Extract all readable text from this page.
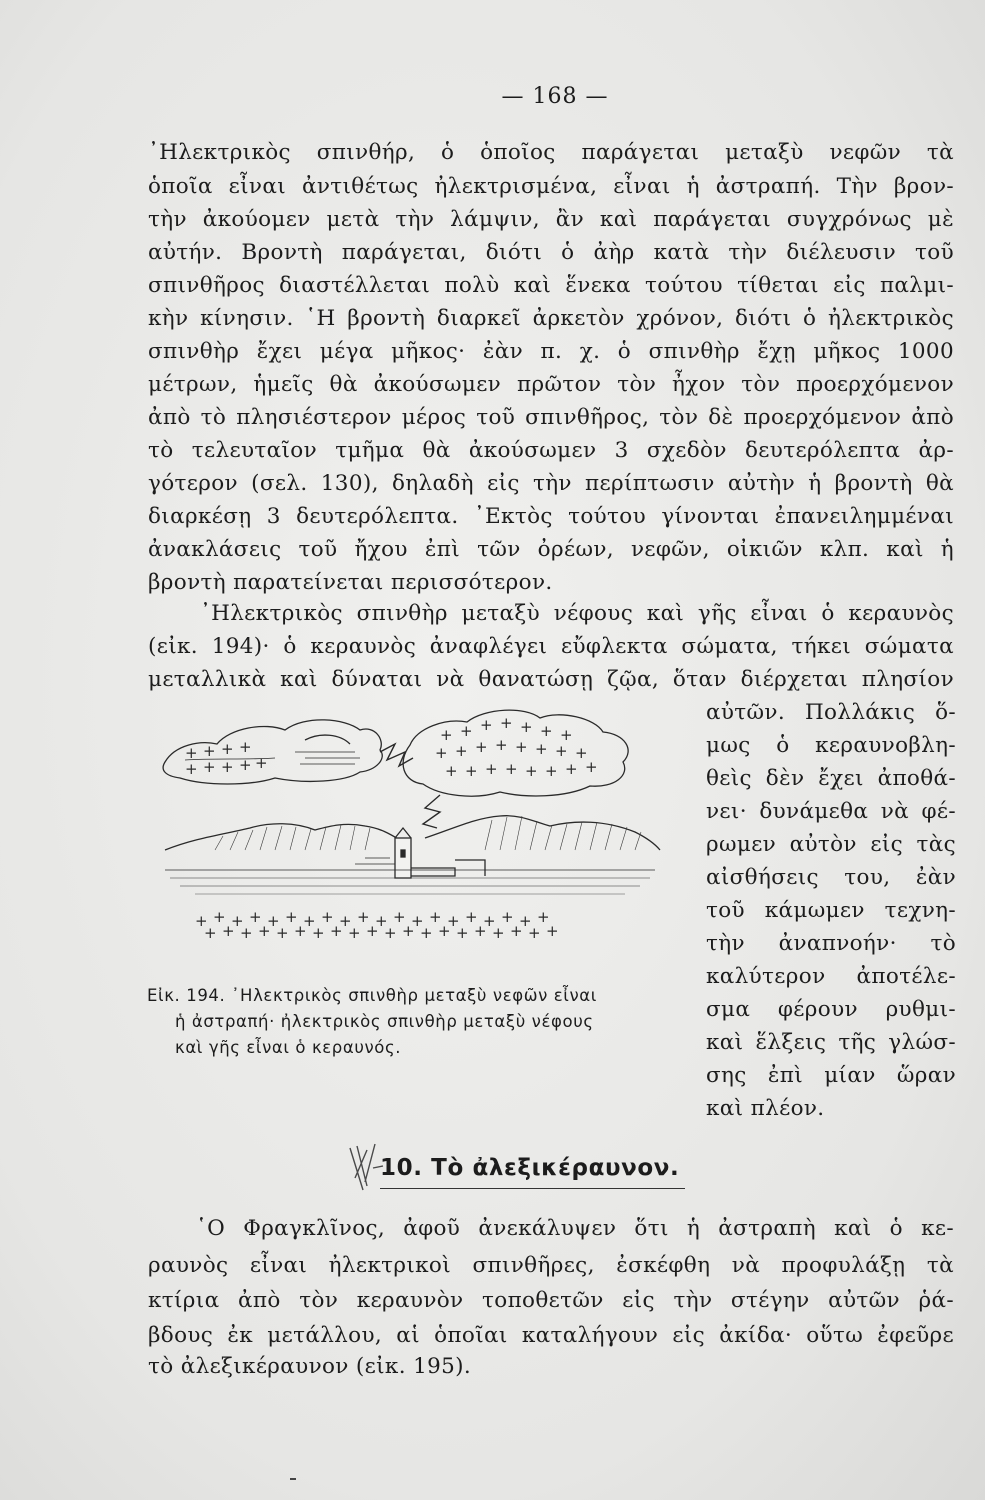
— 168 —
᾿Ηλεκτρικὸς σπινθήρ, ὁ ὁποῖος παράγεται μεταξὺ νεφῶν τὰ
ὁποῖα εἶναι ἀντιθέτως ἠλεκτρισμένα, εἶναι ἡ ἀστραπή. Τὴν βρον-
τὴν ἀκούομεν μετὰ τὴν λάμψιν, ἂν καὶ παράγεται συγχρόνως μὲ
αὐτήν. Βροντὴ παράγεται, διότι ὁ ἀὴρ κατὰ τὴν διέλευσιν τοῦ
σπινθῆρος διαστέλλεται πολὺ καὶ ἕνεκα τούτου τίθεται εἰς παλμι-
κὴν κίνησιν. ῾Η βροντὴ διαρκεῖ ἀρκετὸν χρόνον, διότι ὁ ἠλεκτρικὸς
σπινθὴρ ἔχει μέγα μῆκος· ἐὰν π. χ. ὁ σπινθὴρ ἔχῃ μῆκος 1000
μέτρων, ἡμεῖς θὰ ἀκούσωμεν πρῶτον τὸν ἦχον τὸν προερχόμενον
ἀπὸ τὸ πλησιέστερον μέρος τοῦ σπινθῆρος, τὸν δὲ προερχόμενον ἀπὸ
τὸ τελευταῖον τμῆμα θὰ ἀκούσωμεν 3 σχεδὸν δευτερόλεπτα ἀρ-
γότερον (σελ. 130), δηλαδὴ εἰς τὴν περίπτωσιν αὐτὴν ἡ βροντὴ θὰ
διαρκέσῃ 3 δευτερόλεπτα. ᾿Εκτὸς τούτου γίνονται ἐπανειλημμέναι
ἀνακλάσεις τοῦ ἤχου ἐπὶ τῶν ὀρέων, νεφῶν, οἰκιῶν κλπ. καὶ ἡ
βροντὴ παρατείνεται περισσότερον.
᾿Ηλεκτρικὸς σπινθὴρ μεταξὺ νέφους καὶ γῆς εἶναι ὁ κεραυνὸς
(εἰκ. 194)· ὁ κεραυνὸς ἀναφλέγει εὔφλεκτα σώματα, τήκει σώματα
μεταλλικὰ καὶ δύναται νὰ θανατώσῃ ζῷα, ὅταν διέρχεται πλησίον
αὐτῶν. Πολλάκις ὅ-
μως ὁ κεραυνοβλη-
θεὶς δὲν ἔχει ἀποθά-
νει· δυνάμεθα νὰ φέ-
ρωμεν αὐτὸν εἰς τὰς
αἰσθήσεις του, ἐὰν
τοῦ κάμωμεν τεχνη-
τὴν ἀναπνοήν· τὸ
καλύτερον ἀποτέλε-
σμα φέρουν ρυθμι-
καὶ ἕλξεις τῆς γλώσ-
σης ἐπὶ μίαν ὥραν
καὶ πλέον.
+ + + +
+ + + + +
+ + + + + + +
+ + + + + + + +
+ + + + + + + +
+ + + + + + + + + + + + + + + + + + + +
+ + + + + + + + + + + + + + + + + + + +
Εἰκ. 194. ᾿Ηλεκτρικὸς σπινθὴρ μεταξὺ νεφῶν εἶναι
ἡ ἀστραπή· ἠλεκτρικὸς σπινθὴρ μεταξὺ νέφους
καὶ γῆς εἶναι ὁ κεραυνός.
10. Τὸ ἀλεξικέραυνον.
῾Ο Φραγκλῖνος, ἀφοῦ ἀνεκάλυψεν ὅτι ἡ ἀστραπὴ καὶ ὁ κε-
ραυνὸς εἶναι ἠλεκτρικοὶ σπινθῆρες, ἐσκέφθη νὰ προφυλάξῃ τὰ
κτίρια ἀπὸ τὸν κεραυνὸν τοποθετῶν εἰς τὴν στέγην αὐτῶν ῥά-
βδους ἐκ μετάλλου, αἱ ὁποῖαι καταλήγουν εἰς ἀκίδα· οὕτω ἐφεῦρε
τὸ ἀλεξικέραυνον (εἰκ. 195).
